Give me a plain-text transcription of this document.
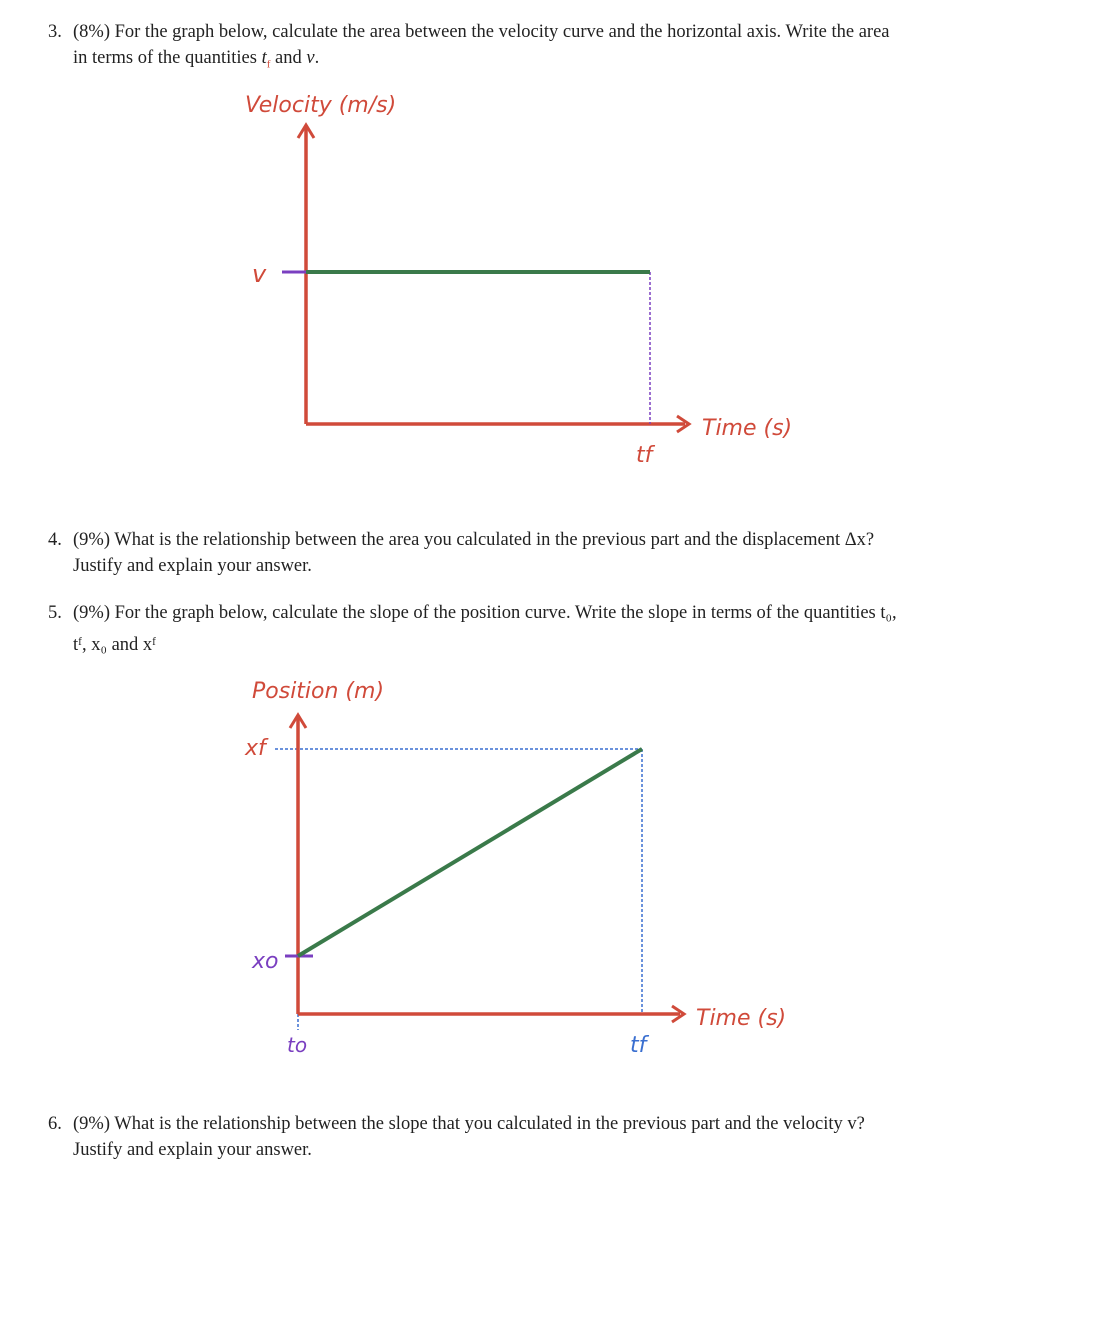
3. (8%) For the graph below, calculate the area between the velocity curve and the horizontal axis. Write the area
in terms of the quantities $t_f$ and v.
4. (9%) What is the relationship between the area you calculated in the previous part and the displacement Δx?
Justify and explain your answer.
5. (9%) For the graph below, calculate the slope of the position curve. Write the slope in terms of the quantities t₀,
tᶠ, x₀ and xᶠ
6. (9%) What is the relationship between the slope that you calculated in the previous part and the velocity v?
Justify and explain your answer.
Velocity (m/s)
Time (s)
v
tf
Position (m)
Time (s)
xf
xo
to	tf
